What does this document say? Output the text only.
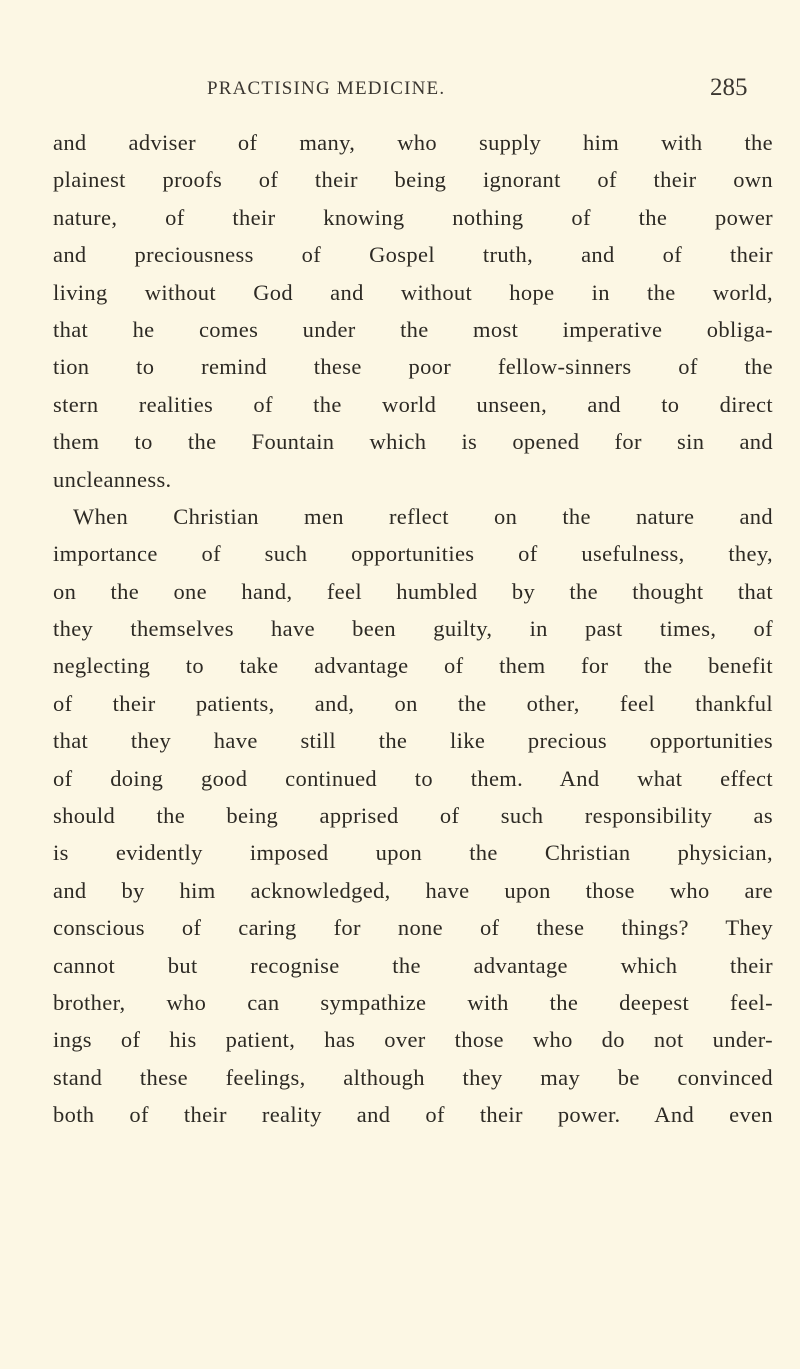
PRACTISING MEDICINE.	285
and adviser of many, who supply him with the
plainest proofs of their being ignorant of their own
nature, of their knowing nothing of the power
and preciousness of Gospel truth, and of their
living without God and without hope in the world,
that he comes under the most imperative obliga-
tion to remind these poor fellow-sinners of the
stern realities of the world unseen, and to direct
them to the Fountain which is opened for sin and
uncleanness.
When Christian men reflect on the nature and
importance of such opportunities of usefulness, they,
on the one hand, feel humbled by the thought that
they themselves have been guilty, in past times, of
neglecting to take advantage of them for the benefit
of their patients, and, on the other, feel thankful
that they have still the like precious opportunities
of doing good continued to them. And what effect
should the being apprised of such responsibility as
is evidently imposed upon the Christian physician,
and by him acknowledged, have upon those who are
conscious of caring for none of these things? They
cannot but recognise the advantage which their
brother, who can sympathize with the deepest feel-
ings of his patient, has over those who do not under-
stand these feelings, although they may be convinced
both of their reality and of their power. And even
